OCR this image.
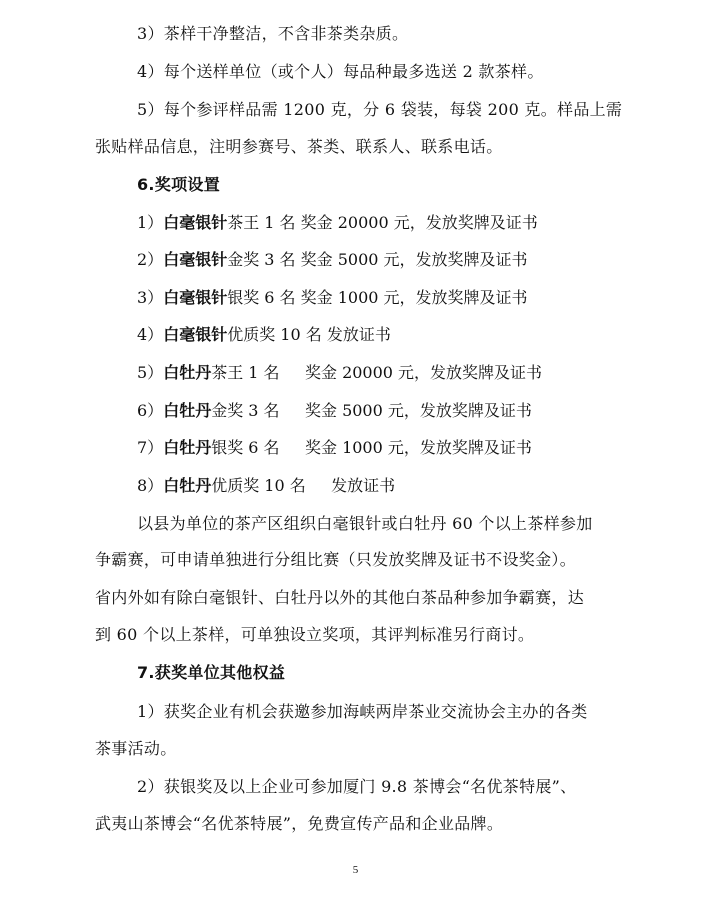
3）茶样干净整洁，不含非茶类杂质。
4）每个送样单位（或个人）每品种最多选送 2 款茶样。
5）每个参评样品需 1200 克，分 6 袋装，每袋 200 克。样品上需
张贴样品信息，注明参赛号、茶类、联系人、联系电话。
6.奖项设置
1）白毫银针茶王 1 名 奖金 20000 元，发放奖牌及证书
2）白毫银针金奖 3 名 奖金 5000 元，发放奖牌及证书
3）白毫银针银奖 6 名 奖金 1000 元，发放奖牌及证书
4）白毫银针优质奖 10 名 发放证书
5）白牡丹茶王 1 名     奖金 20000 元，发放奖牌及证书
6）白牡丹金奖 3 名     奖金 5000 元，发放奖牌及证书
7）白牡丹银奖 6 名     奖金 1000 元，发放奖牌及证书
8）白牡丹优质奖 10 名     发放证书
以县为单位的茶产区组织白毫银针或白牡丹 60 个以上茶样参加
争霸赛，可申请单独进行分组比赛（只发放奖牌及证书不设奖金）。
省内外如有除白毫银针、白牡丹以外的其他白茶品种参加争霸赛，达
到 60 个以上茶样，可单独设立奖项，其评判标准另行商讨。
7.获奖单位其他权益
1）获奖企业有机会获邀参加海峡两岸茶业交流协会主办的各类
茶事活动。
2）获银奖及以上企业可参加厦门 9.8 茶博会“名优茶特展”、
武夷山茶博会“名优茶特展”，免费宣传产品和企业品牌。
5
